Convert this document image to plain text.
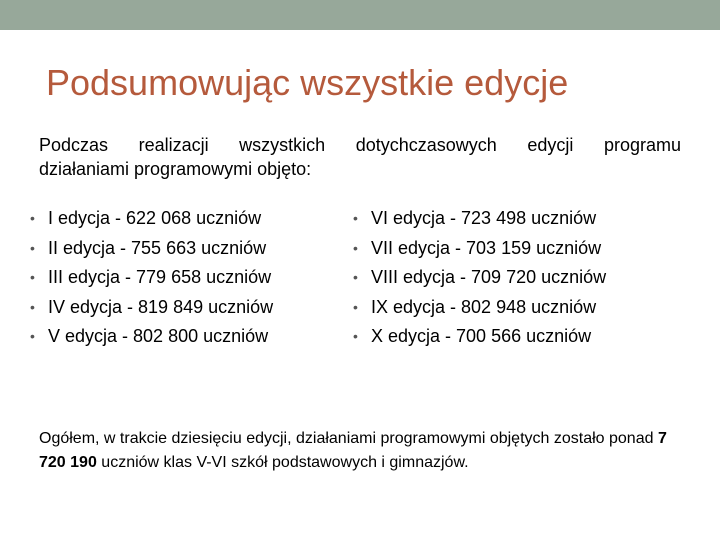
Podsumowując wszystkie edycje

Podczas realizacji wszystkich dotychczasowych edycji programu
działaniami programowymi objęto:

• I edycja - 622 068 uczniów
• II edycja - 755 663 uczniów
• III edycja - 779 658 uczniów
• IV edycja - 819 849 uczniów
• V edycja - 802 800 uczniów
• VI edycja - 723 498 uczniów
• VII edycja - 703 159 uczniów
• VIII edycja - 709 720 uczniów
• IX edycja - 802 948 uczniów
• X edycja - 700 566 uczniów

Ogółem, w trakcie dziesięciu edycji, działaniami programowymi objętych zostało ponad 7 720 190 uczniów klas V-VI szkół podstawowych i gimnazjów.
